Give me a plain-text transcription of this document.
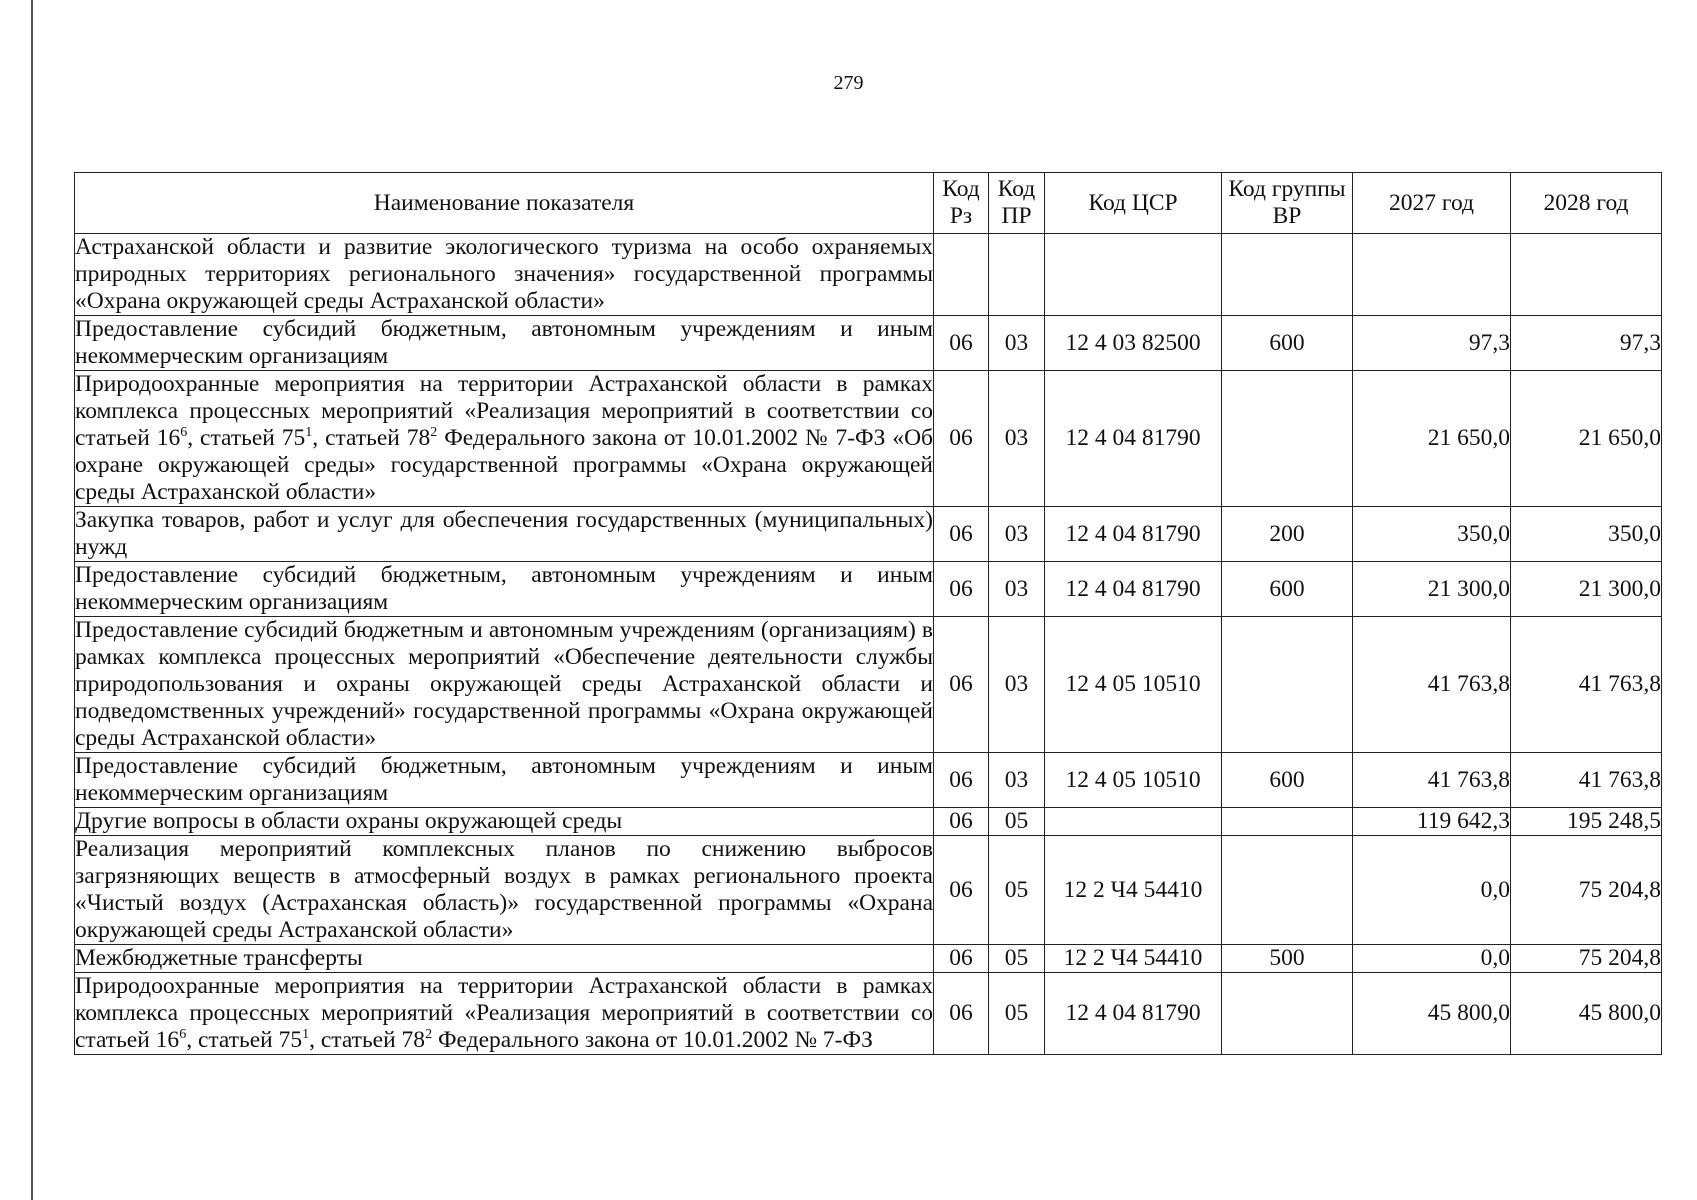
279
Наименование показателя	Код Рз	Код ПР	Код ЦСР	Код группы ВР	2027 год	2028 год
Астраханской области и развитие экологического туризма на особо охраняемых природных территориях регионального значения» государственной программы «Охрана окружающей среды Астраханской области»						
Предоставление субсидий бюджетным, автономным учреждениям и иным некоммерческим организациям	06	03	12 4 03 82500	600	97,3	97,3
Природоохранные мероприятия на территории Астраханской области в рамках комплекса процессных мероприятий «Реализация мероприятий в соответствии со статьей $16^6$, статьей $75^1$, статьей $78^2$ Федерального закона от 10.01.2002 № 7-ФЗ «Об охране окружающей среды» государственной программы «Охрана окружающей среды Астраханской области»	06	03	12 4 04 81790		21 650,0	21 650,0
Закупка товаров, работ и услуг для обеспечения государственных (муниципальных) нужд	06	03	12 4 04 81790	200	350,0	350,0
Предоставление субсидий бюджетным, автономным учреждениям и иным некоммерческим организациям	06	03	12 4 04 81790	600	21 300,0	21 300,0
Предоставление субсидий бюджетным и автономным учреждениям (организациям) в рамках комплекса процессных мероприятий «Обеспечение деятельности службы природопользования и охраны окружающей среды Астраханской области и подведомственных учреждений» государственной программы «Охрана окружающей среды Астраханской области»	06	03	12 4 05 10510		41 763,8	41 763,8
Предоставление субсидий бюджетным, автономным учреждениям и иным некоммерческим организациям	06	03	12 4 05 10510	600	41 763,8	41 763,8
Другие вопросы в области охраны окружающей среды	06	05			119 642,3	195 248,5
Реализация мероприятий комплексных планов по снижению выбросов загрязняющих веществ в атмосферный воздух в рамках регионального проекта «Чистый воздух (Астраханская область)» государственной программы «Охрана окружающей среды Астраханской области»	06	05	12 2 Ч4 54410		0,0	75 204,8
Межбюджетные трансферты	06	05	12 2 Ч4 54410	500	0,0	75 204,8
Природоохранные мероприятия на территории Астраханской области в рамках комплекса процессных мероприятий «Реализация мероприятий в соответствии со статьей $16^6$, статьей $75^1$, статьей $78^2$ Федерального закона от 10.01.2002 № 7-ФЗ	06	05	12 4 04 81790		45 800,0	45 800,0
